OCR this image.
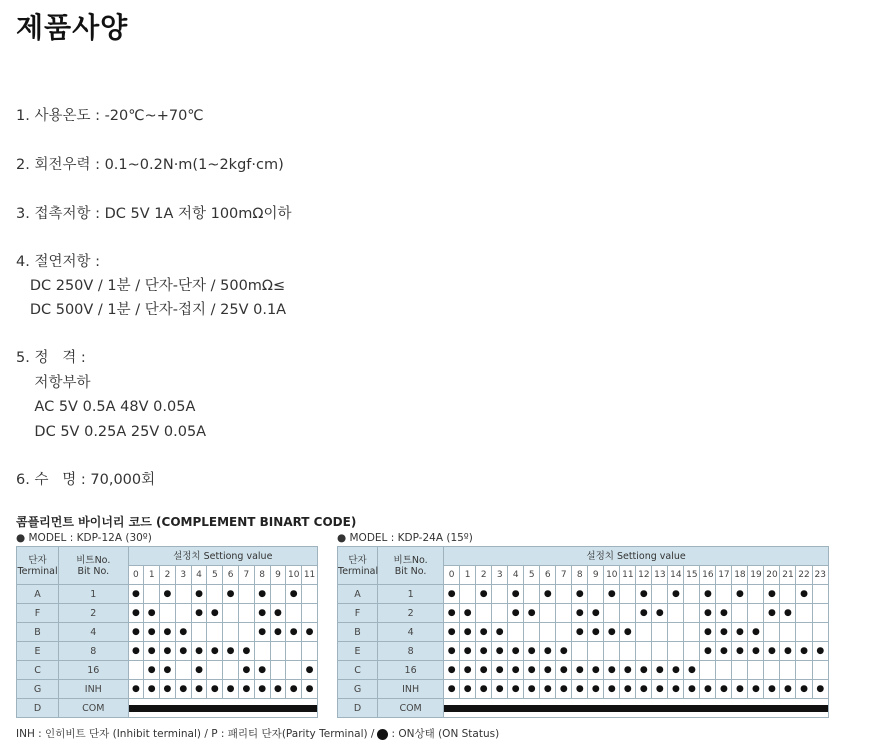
제품사양
1. 사용온도 : -20℃~+70℃
2. 회전우력 : 0.1~0.2N·m(1~2kgf·cm)
3. 접촉저항 : DC 5V 1A 저항 100mΩ이하
4. 절연저항 :
DC 250V / 1분 / 단자-단자 / 500mΩ≤
DC 500V / 1분 / 단자-접지 / 25V 0.1A
5. 정   격 :
저항부하
AC 5V 0.5A 48V 0.05A
DC 5V 0.25A 25V 0.05A
6. 수   명 : 70,000회
콤플리먼트 바이너리 코드 (COMPLEMENT BINART CODE)
● MODEL : KDP-12A (30º)	● MODEL : KDP-24A (15º)
단자
Terminal	비트No.
Bit No.	설정치 Settiong value											
		0	1	2	3	4	5	6	7	8	9	10	11
A	1	●		●		●		●		●		●	
F	2	●	●			●	●			●	●		
B	4	●	●	●	●					●	●	●	●
E	8	●	●	●	●	●	●	●	●				
C	16		●	●		●			●	●			●
G	INH	●	●	●	●	●	●	●	●	●	●	●	●
D	COM												
단자
Terminal	비트No.
Bit No.	설정치 Settiong value																							
		0	1	2	3	4	5	6	7	8	9	10	11	12	13	14	15	16	17	18	19	20	21	22	23
A	1	●		●		●		●		●		●		●		●		●		●		●		●	
F	2	●	●			●	●			●	●			●	●			●	●			●	●		
B	4	●	●	●	●					●	●	●	●					●	●	●	●				
E	8	●	●	●	●	●	●	●	●									●	●	●	●	●	●	●	●
C	16	●	●	●	●	●	●	●	●	●	●	●	●	●	●	●	●								
G	INH	●	●	●	●	●	●	●	●	●	●	●	●	●	●	●	●	●	●	●	●	●	●	●	●
D	COM																								
INH : 인히비트 단자 (Inhibit terminal) / P : 패리티 단자(Parity Terminal) / : ON상태 (ON Status)
